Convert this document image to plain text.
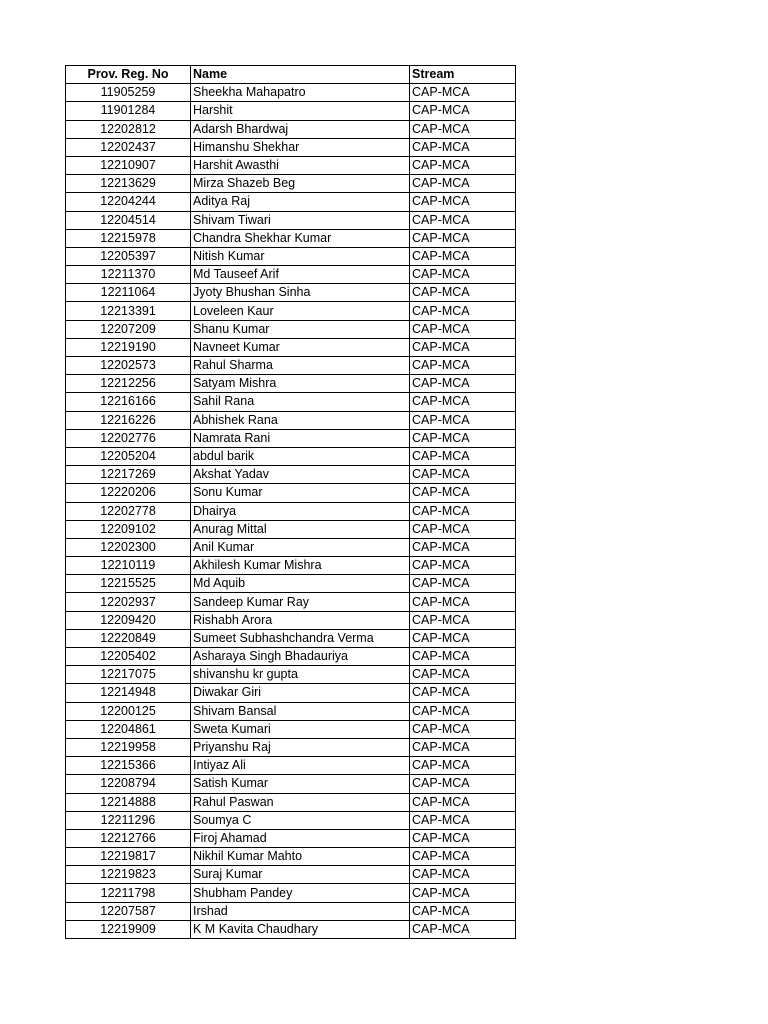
Prov. Reg. No	Name	Stream
11905259	Sheekha Mahapatro	CAP-MCA
11901284	Harshit	CAP-MCA
12202812	Adarsh Bhardwaj	CAP-MCA
12202437	Himanshu Shekhar	CAP-MCA
12210907	Harshit Awasthi	CAP-MCA
12213629	Mirza Shazeb Beg	CAP-MCA
12204244	Aditya Raj	CAP-MCA
12204514	Shivam Tiwari	CAP-MCA
12215978	Chandra Shekhar Kumar	CAP-MCA
12205397	Nitish Kumar	CAP-MCA
12211370	Md Tauseef Arif	CAP-MCA
12211064	Jyoty Bhushan Sinha	CAP-MCA
12213391	Loveleen Kaur	CAP-MCA
12207209	Shanu Kumar	CAP-MCA
12219190	Navneet Kumar	CAP-MCA
12202573	Rahul Sharma	CAP-MCA
12212256	Satyam Mishra	CAP-MCA
12216166	Sahil Rana	CAP-MCA
12216226	Abhishek Rana	CAP-MCA
12202776	Namrata Rani	CAP-MCA
12205204	abdul barik	CAP-MCA
12217269	Akshat Yadav	CAP-MCA
12220206	Sonu Kumar	CAP-MCA
12202778	Dhairya	CAP-MCA
12209102	Anurag Mittal	CAP-MCA
12202300	Anil Kumar	CAP-MCA
12210119	Akhilesh Kumar Mishra	CAP-MCA
12215525	Md Aquib	CAP-MCA
12202937	Sandeep Kumar Ray	CAP-MCA
12209420	Rishabh Arora	CAP-MCA
12220849	Sumeet Subhashchandra Verma	CAP-MCA
12205402	Asharaya Singh Bhadauriya	CAP-MCA
12217075	shivanshu kr gupta	CAP-MCA
12214948	Diwakar Giri	CAP-MCA
12200125	Shivam Bansal	CAP-MCA
12204861	Sweta Kumari	CAP-MCA
12219958	Priyanshu Raj	CAP-MCA
12215366	Intiyaz Ali	CAP-MCA
12208794	Satish Kumar	CAP-MCA
12214888	Rahul Paswan	CAP-MCA
12211296	Soumya C	CAP-MCA
12212766	Firoj Ahamad	CAP-MCA
12219817	Nikhil Kumar Mahto	CAP-MCA
12219823	Suraj Kumar	CAP-MCA
12211798	Shubham Pandey	CAP-MCA
12207587	Irshad	CAP-MCA
12219909	K M Kavita Chaudhary	CAP-MCA
